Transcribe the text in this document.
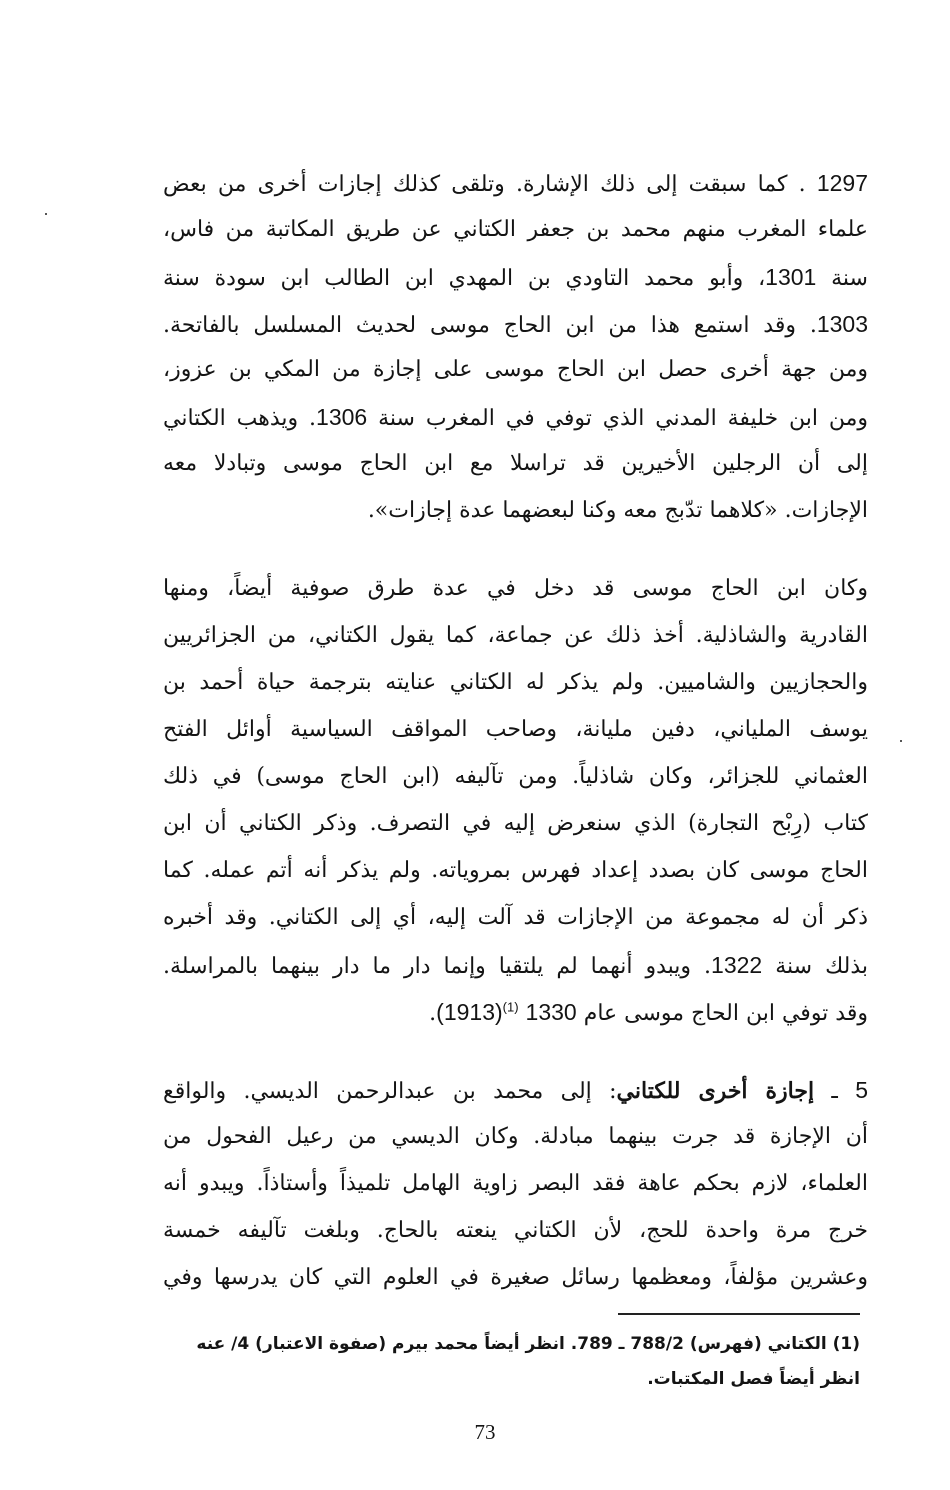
1297 . كما سبقت إلى ذلك الإشارة. وتلقى كذلك إجازات أخرى من بعض
علماء المغرب منهم محمد بن جعفر الكتاني عن طريق المكاتبة من فاس،
سنة 1301، وأبو محمد التاودي بن المهدي ابن الطالب ابن سودة سنة
1303. وقد استمع هذا من ابن الحاج موسى لحديث المسلسل بالفاتحة.
ومن جهة أخرى حصل ابن الحاج موسى على إجازة من المكي بن عزوز،
ومن ابن خليفة المدني الذي توفي في المغرب سنة 1306. ويذهب الكتاني
إلى أن الرجلين الأخيرين قد تراسلا مع ابن الحاج موسى وتبادلا معه
الإجازات. «كلاهما تدّبج معه وكنا لبعضهما عدة إجازات».
وكان ابن الحاج موسى قد دخل في عدة طرق صوفية أيضاً، ومنها
القادرية والشاذلية. أخذ ذلك عن جماعة، كما يقول الكتاني، من الجزائريين
والحجازيين والشاميين. ولم يذكر له الكتاني عنايته بترجمة حياة أحمد بن
يوسف الملياني، دفين مليانة، وصاحب المواقف السياسية أوائل الفتح
العثماني للجزائر، وكان شاذلياً. ومن تآليفه (ابن الحاج موسى) في ذلك
كتاب (رِبْح التجارة) الذي سنعرض إليه في التصرف. وذكر الكتاني أن ابن
الحاج موسى كان بصدد إعداد فهرس بمروياته. ولم يذكر أنه أتم عمله. كما
ذكر أن له مجموعة من الإجازات قد آلت إليه، أي إلى الكتاني. وقد أخبره
بذلك سنة 1322. ويبدو أنهما لم يلتقيا وإنما دار ما دار بينهما بالمراسلة.
وقد توفي ابن الحاج موسى عام 1330 $(1913)^{(1)}$.
5 ـ إجازة أخرى للكتاني: إلى محمد بن عبدالرحمن الديسي. والواقع
أن الإجازة قد جرت بينهما مبادلة. وكان الديسي من رعيل الفحول من
العلماء، لازم بحكم عاهة فقد البصر زاوية الهامل تلميذاً وأستاذاً. ويبدو أنه
خرج مرة واحدة للحج، لأن الكتاني ينعته بالحاج. وبلغت تآليفه خمسة
وعشرين مؤلفاً، ومعظمها رسائل صغيرة في العلوم التي كان يدرسها وفي
(1) الكتاني (فهرس) 788/2 ـ 789. انظر أيضاً محمد بيرم (صفوة الاعتبار) 4/ عنه
انظر أيضاً فصل المكتبات.
73
